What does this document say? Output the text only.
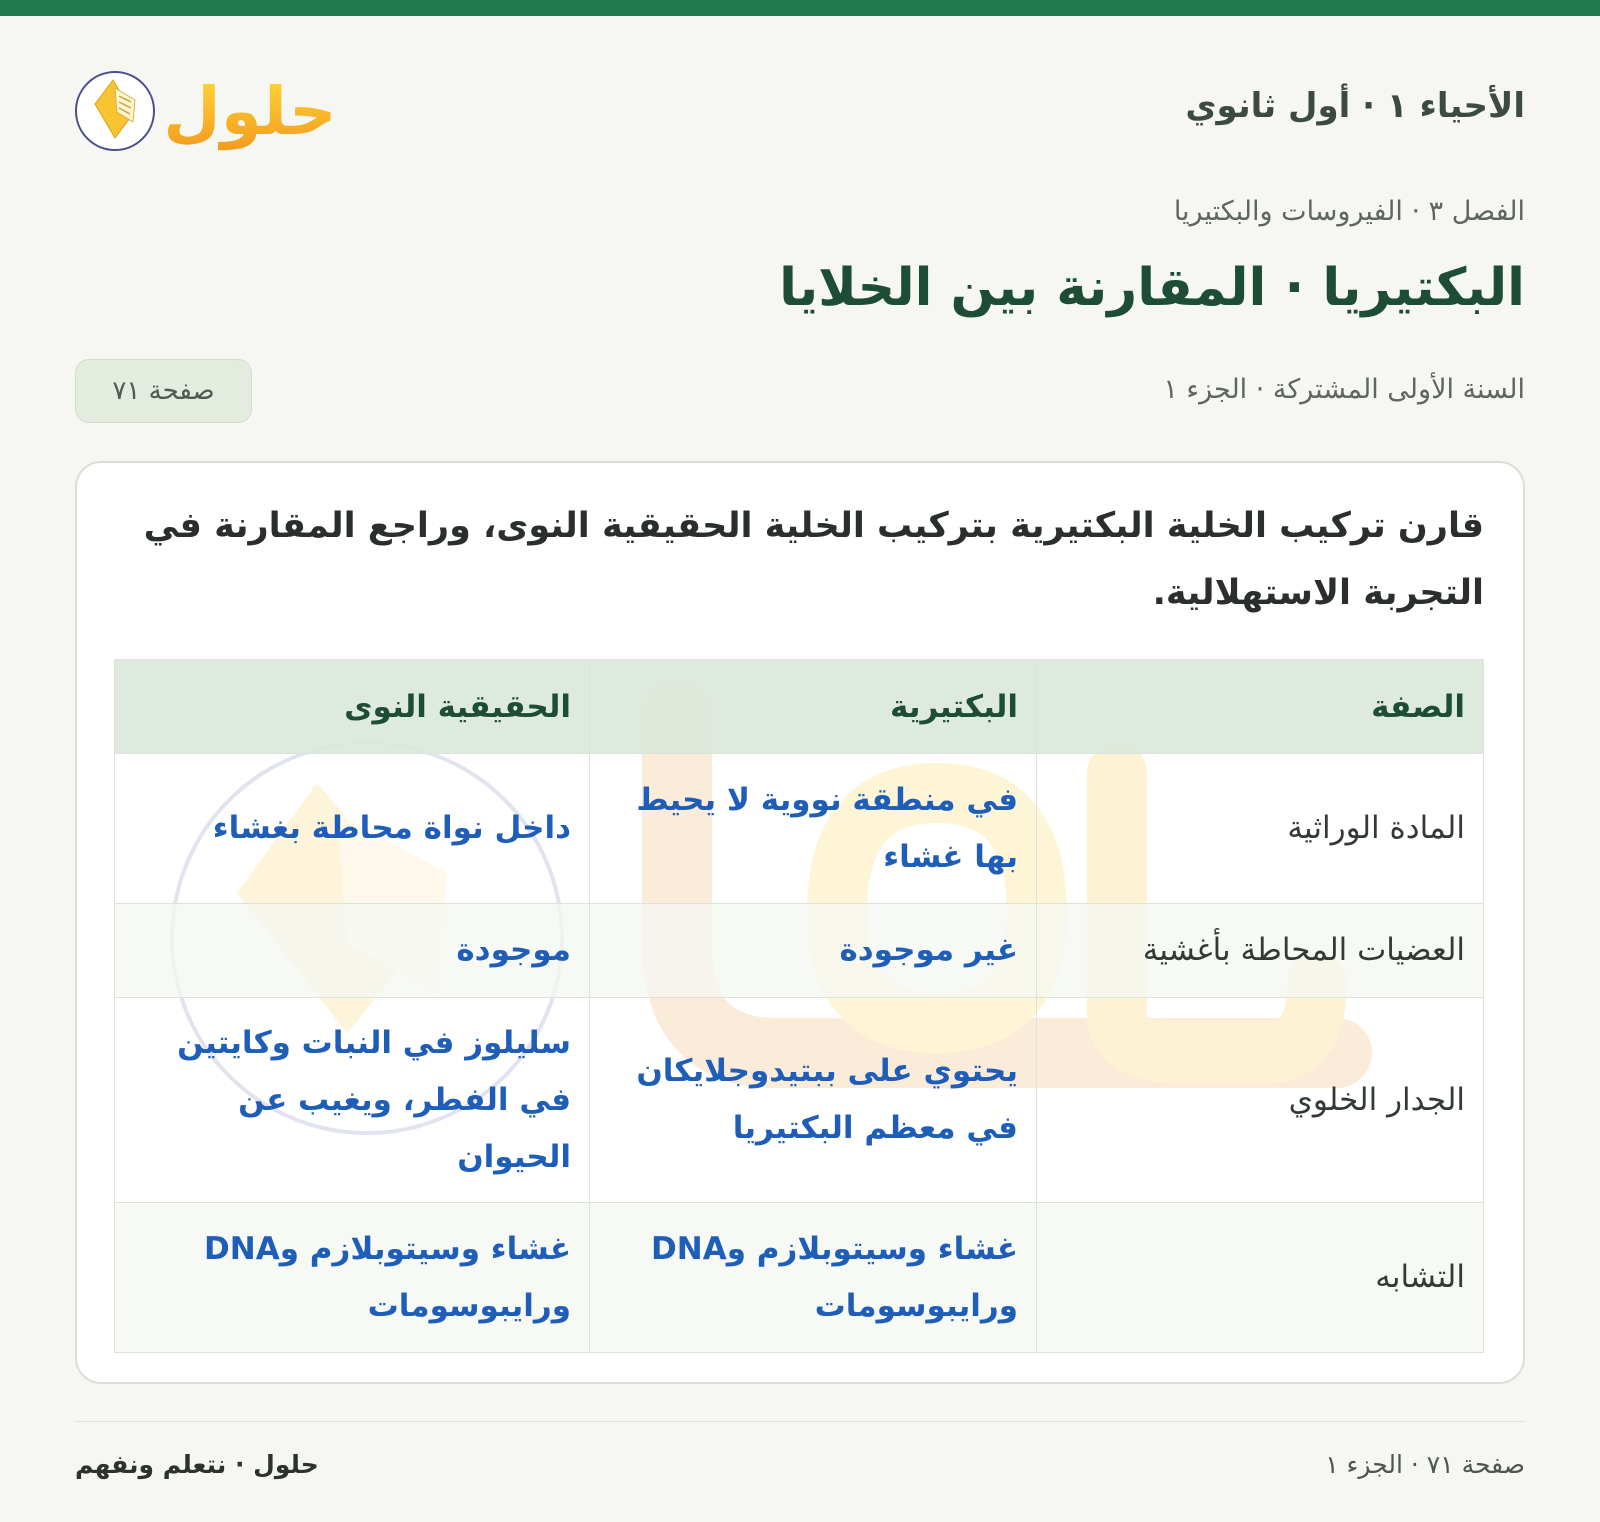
الأحياء ١ · أول ثانوي
حلول
الفصل ٣ · الفيروسات والبكتيريا
البكتيريا · المقارنة بين الخلايا
السنة الأولى المشتركة · الجزء ١
صفحة ٧١
قارن تركيب الخلية البكتيرية بتركيب الخلية الحقيقية النوى، وراجع المقارنة في التجربة الاستهلالية.
الصفة	البكتيرية	الحقيقية النوى
المادة الوراثية	في منطقة نووية لا يحيط بها غشاء	داخل نواة محاطة بغشاء
العضيات المحاطة بأغشية	غير موجودة	موجودة
الجدار الخلوي	يحتوي على ببتيدوجلايكان في معظم البكتيريا	سليلوز في النبات وكايتين في الفطر، ويغيب عن الحيوان
التشابه	غشاء وسيتوبلازم وDNA ورايبوسومات	غشاء وسيتوبلازم وDNA ورايبوسومات
حلول · نتعلم ونفهم	صفحة ٧١ · الجزء ١
